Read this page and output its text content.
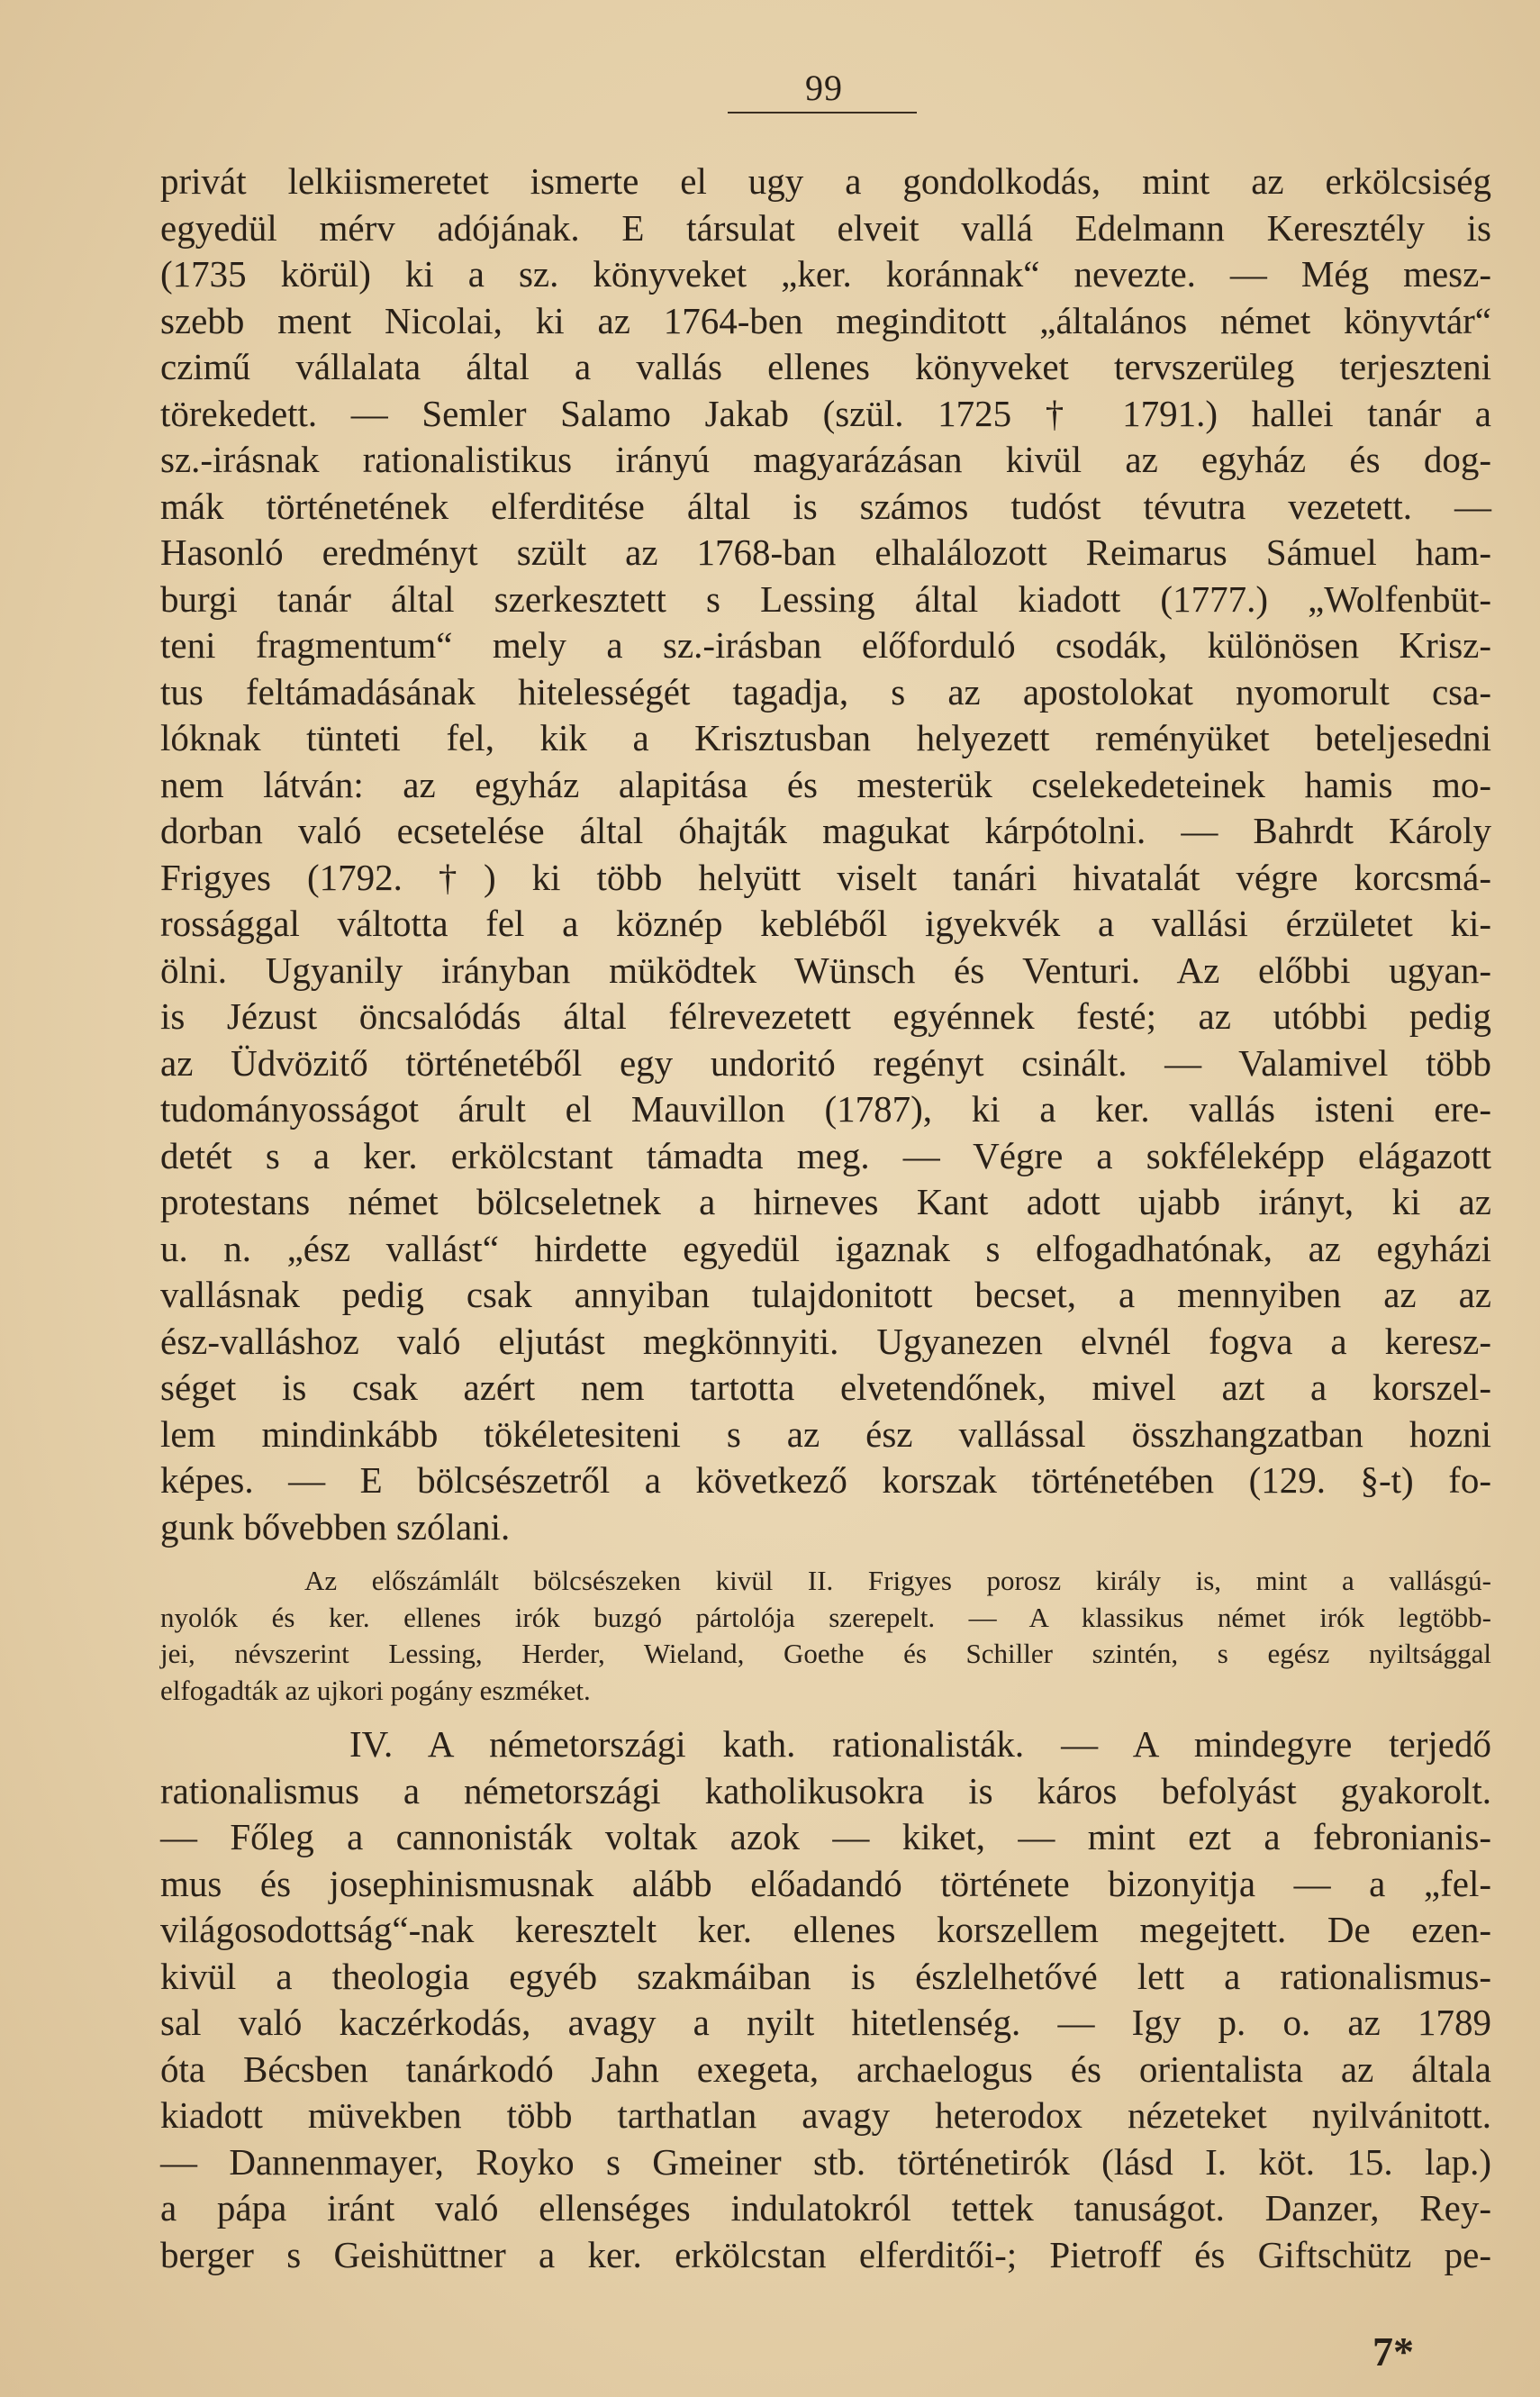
99
privát lelkiismeretet ismerte el ugy a gondolkodás, mint az erkölcsiség
egyedül mérv adójának. E társulat elveit vallá Edelmann Keresztély is
(1735 körül) ki a sz. könyveket „ker. koránnak“ nevezte. — Még mesz-
szebb ment Nicolai, ki az 1764-ben meginditott „általános német könyvtár“
czimű vállalata által a vallás ellenes könyveket tervszerüleg terjeszteni
törekedett. — Semler Salamo Jakab (szül. 1725 † 1791.) hallei tanár a
sz.-irásnak rationalistikus irányú magyarázásan kivül az egyház és dog-
mák történetének elferditése által is számos tudóst tévutra vezetett. —
Hasonló eredményt szült az 1768-ban elhalálozott Reimarus Sámuel ham-
burgi tanár által szerkesztett s Lessing által kiadott (1777.) „Wolfenbüt-
teni fragmentum“ mely a sz.-irásban előforduló csodák, különösen Krisz-
tus feltámadásának hitelességét tagadja, s az apostolokat nyomorult csa-
lóknak tünteti fel, kik a Krisztusban helyezett reményüket beteljesedni
nem látván: az egyház alapitása és mesterük cselekedeteinek hamis mo-
dorban való ecsetelése által óhajták magukat kárpótolni. — Bahrdt Károly
Frigyes (1792. †) ki több helyütt viselt tanári hivatalát végre korcsmá-
rossággal váltotta fel a köznép kebléből igyekvék a vallási érzületet ki-
ölni. Ugyanily irányban müködtek Wünsch és Venturi. Az előbbi ugyan-
is Jézust öncsalódás által félrevezetett egyénnek festé; az utóbbi pedig
az Üdvözitő történetéből egy undoritó regényt csinált. — Valamivel több
tudományosságot árult el Mauvillon (1787), ki a ker. vallás isteni ere-
detét s a ker. erkölcstant támadta meg. — Végre a sokféleképp elágazott
protestans német bölcseletnek a hirneves Kant adott ujabb irányt, ki az
u. n. „ész vallást“ hirdette egyedül igaznak s elfogadhatónak, az egyházi
vallásnak pedig csak annyiban tulajdonitott becset, a mennyiben az az
ész-valláshoz való eljutást megkönnyiti. Ugyanezen elvnél fogva a keresz-
séget is csak azért nem tartotta elvetendőnek, mivel azt a korszel-
lem mindinkább tökéletesiteni s az ész vallással összhangzatban hozni
képes. — E bölcsészetről a következő korszak történetében (129. §-t) fo-
gunk bővebben szólani.
Az előszámlált bölcsészeken kivül II. Frigyes porosz király is, mint a vallásgú-
nyolók és ker. ellenes irók buzgó pártolója szerepelt. — A klassikus német irók legtöbb-
jei, névszerint Lessing, Herder, Wieland, Goethe és Schiller szintén, s egész nyiltsággal
elfogadták az ujkori pogány eszméket.
IV. A németországi kath. rationalisták. — A mindegyre terjedő
rationalismus a németországi katholikusokra is káros befolyást gyakorolt.
— Főleg a cannonisták voltak azok — kiket, — mint ezt a febronianis-
mus és josephinismusnak alább előadandó története bizonyitja — a „fel-
világosodottság“-nak keresztelt ker. ellenes korszellem megejtett. De ezen-
kivül a theologia egyéb szakmáiban is észlelhetővé lett a rationalismus-
sal való kaczérkodás, avagy a nyilt hitetlenség. — Igy p. o. az 1789
óta Bécsben tanárkodó Jahn exegeta, archaelogus és orientalista az általa
kiadott müvekben több tarthatlan avagy heterodox nézeteket nyilvánitott.
— Dannenmayer, Royko s Gmeiner stb. történetirók (lásd I. köt. 15. lap.)
a pápa iránt való ellenséges indulatokról tettek tanuságot. Danzer, Rey-
berger s Geishüttner a ker. erkölcstan elferditői-; Pietroff és Giftschütz pe-
7*
